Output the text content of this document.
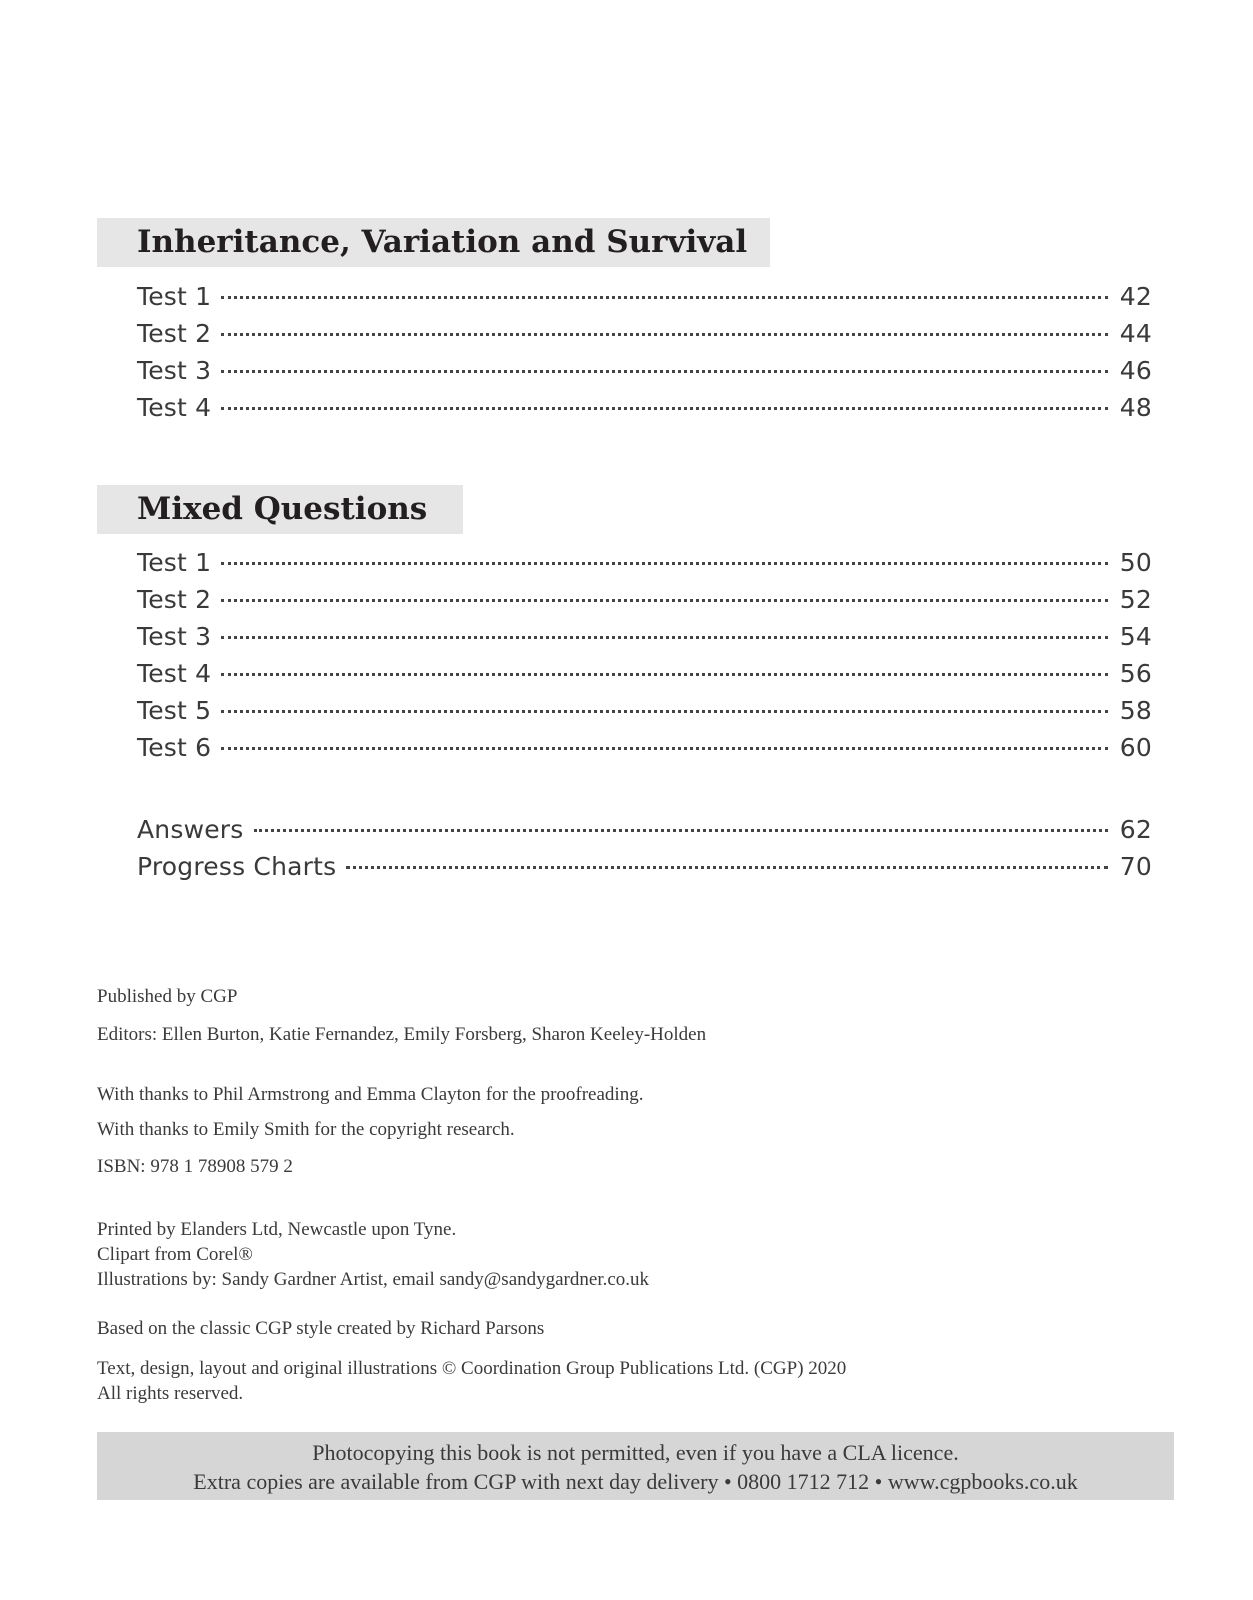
Inheritance, Variation and Survival
Test 1	42
Test 2	44
Test 3	46
Test 4	48
Mixed Questions
Test 1	50
Test 2	52
Test 3	54
Test 4	56
Test 5	58
Test 6	60
Answers	62
Progress Charts	70

Published by CGP

Editors: Ellen Burton, Katie Fernandez, Emily Forsberg, Sharon Keeley-Holden

With thanks to Phil Armstrong and Emma Clayton for the proofreading.

With thanks to Emily Smith for the copyright research.

ISBN: 978 1 78908 579 2

Printed by Elanders Ltd, Newcastle upon Tyne.

Clipart from Corel®

Illustrations by: Sandy Gardner Artist, email sandy@sandygardner.co.uk

Based on the classic CGP style created by Richard Parsons

Text, design, layout and original illustrations © Coordination Group Publications Ltd. (CGP) 2020

All rights reserved.

Photocopying this book is not permitted, even if you have a CLA licence.

Extra copies are available from CGP with next day delivery • 0800 1712 712 • www.cgpbooks.co.uk
